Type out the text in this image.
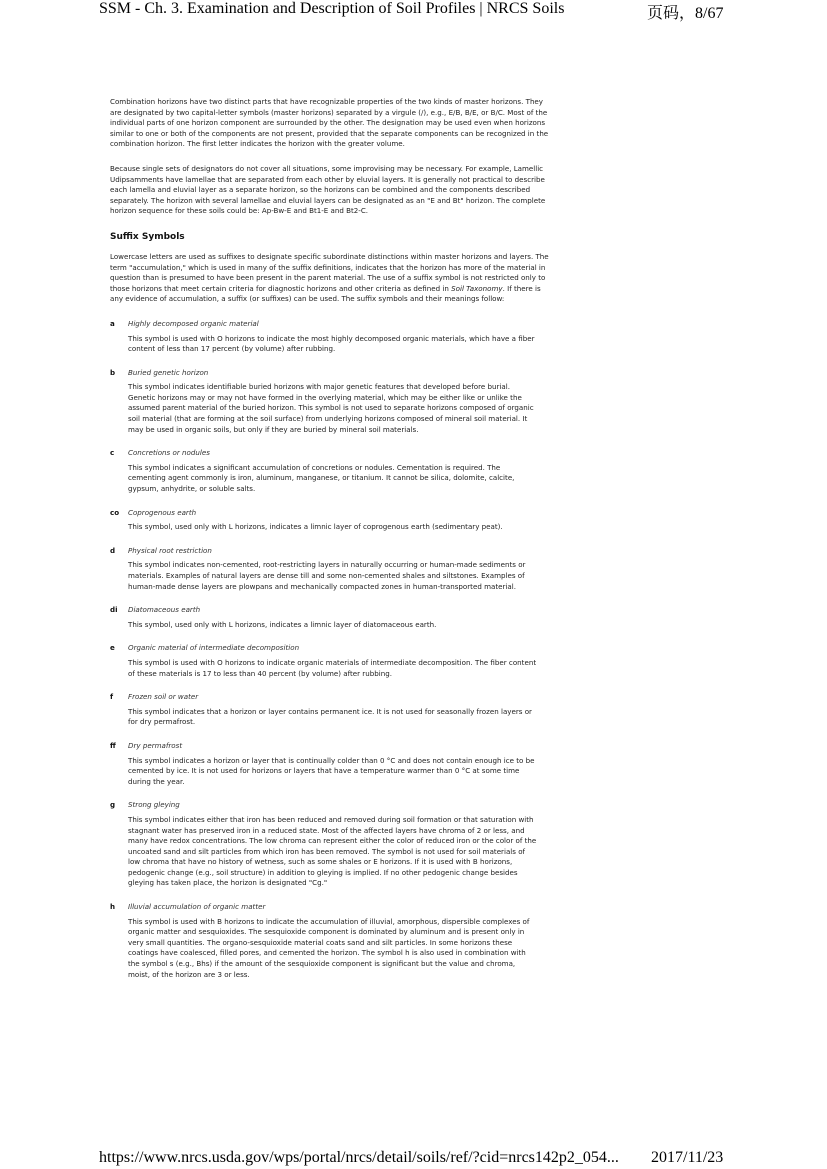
SSM - Ch. 3. Examination and Description of Soil Profiles | NRCS Soils	页码，8/67

Combination horizons have two distinct parts that have recognizable properties of the two kinds of master horizons. They are designated by two capital-letter symbols (master horizons) separated by a virgule (/), e.g., E/B, B/E, or B/C. Most of the individual parts of one horizon component are surrounded by the other. The designation may be used even when horizons similar to one or both of the components are not present, provided that the separate components can be recognized in the combination horizon. The first letter indicates the horizon with the greater volume.

Because single sets of designators do not cover all situations, some improvising may be necessary. For example, Lamellic Udipsamments have lamellae that are separated from each other by eluvial layers. It is generally not practical to describe each lamella and eluvial layer as a separate horizon, so the horizons can be combined and the components described separately. The horizon with several lamellae and eluvial layers can be designated as an "E and Bt" horizon. The complete horizon sequence for these soils could be: Ap-Bw-E and Bt1-E and Bt2-C.

Suffix Symbols

Lowercase letters are used as suffixes to designate specific subordinate distinctions within master horizons and layers. The term "accumulation," which is used in many of the suffix definitions, indicates that the horizon has more of the material in question than is presumed to have been present in the parent material. The use of a suffix symbol is not restricted only to those horizons that meet certain criteria for diagnostic horizons and other criteria as defined in Soil Taxonomy. If there is any evidence of accumulation, a suffix (or suffixes) can be used. The suffix symbols and their meanings follow:

a Highly decomposed organic material
This symbol is used with O horizons to indicate the most highly decomposed organic materials, which have a fiber content of less than 17 percent (by volume) after rubbing.
b Buried genetic horizon
This symbol indicates identifiable buried horizons with major genetic features that developed before burial. Genetic horizons may or may not have formed in the overlying material, which may be either like or unlike the assumed parent material of the buried horizon. This symbol is not used to separate horizons composed of organic soil material (that are forming at the soil surface) from underlying horizons composed of mineral soil material. It may be used in organic soils, but only if they are buried by mineral soil materials.
c Concretions or nodules
This symbol indicates a significant accumulation of concretions or nodules. Cementation is required. The cementing agent commonly is iron, aluminum, manganese, or titanium. It cannot be silica, dolomite, calcite, gypsum, anhydrite, or soluble salts.
co Coprogenous earth
This symbol, used only with L horizons, indicates a limnic layer of coprogenous earth (sedimentary peat).
d Physical root restriction
This symbol indicates non-cemented, root-restricting layers in naturally occurring or human-made sediments or materials. Examples of natural layers are dense till and some non-cemented shales and siltstones. Examples of human-made dense layers are plowpans and mechanically compacted zones in human-transported material.
di Diatomaceous earth
This symbol, used only with L horizons, indicates a limnic layer of diatomaceous earth.
e Organic material of intermediate decomposition
This symbol is used with O horizons to indicate organic materials of intermediate decomposition. The fiber content of these materials is 17 to less than 40 percent (by volume) after rubbing.
f Frozen soil or water
This symbol indicates that a horizon or layer contains permanent ice. It is not used for seasonally frozen layers or for dry permafrost.
ff Dry permafrost
This symbol indicates a horizon or layer that is continually colder than 0 °C and does not contain enough ice to be cemented by ice. It is not used for horizons or layers that have a temperature warmer than 0 °C at some time during the year.
g Strong gleying
This symbol indicates either that iron has been reduced and removed during soil formation or that saturation with stagnant water has preserved iron in a reduced state. Most of the affected layers have chroma of 2 or less, and many have redox concentrations. The low chroma can represent either the color of reduced iron or the color of the uncoated sand and silt particles from which iron has been removed. The symbol is not used for soil materials of low chroma that have no history of wetness, such as some shales or E horizons. If it is used with B horizons, pedogenic change (e.g., soil structure) in addition to gleying is implied. If no other pedogenic change besides gleying has taken place, the horizon is designated "Cg."
h Illuvial accumulation of organic matter
This symbol is used with B horizons to indicate the accumulation of illuvial, amorphous, dispersible complexes of organic matter and sesquioxides. The sesquioxide component is dominated by aluminum and is present only in very small quantities. The organo-sesquioxide material coats sand and silt particles. In some horizons these coatings have coalesced, filled pores, and cemented the horizon. The symbol h is also used in combination with the symbol s (e.g., Bhs) if the amount of the sesquioxide component is significant but the value and chroma, moist, of the horizon are 3 or less.
https://www.nrcs.usda.gov/wps/portal/nrcs/detail/soils/ref/?cid=nrcs142p2_054... 2017/11/23
